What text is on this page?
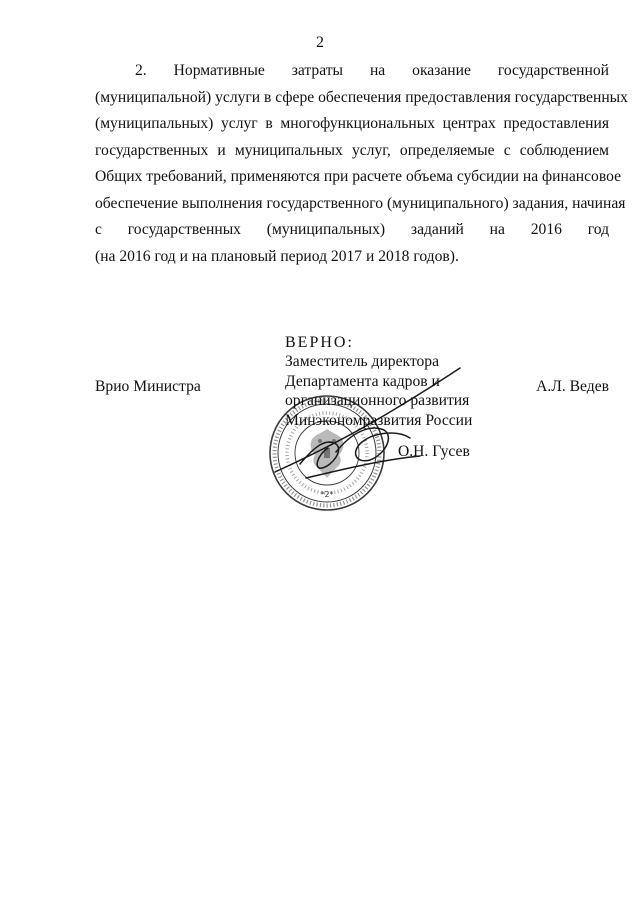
2
2. Нормативные затраты на оказание государственной
(муниципальной) услуги в сфере обеспечения предоставления государственных
(муниципальных) услуг в многофункциональных центрах предоставления
государственных и муниципальных услуг, определяемые с соблюдением
Общих требований, применяются при расчете объема субсидии на финансовое
обеспечение выполнения государственного (муниципального) задания, начиная
с государственных (муниципальных) заданий на 2016 год
(на 2016 год и на плановый период 2017 и 2018 годов).
*2*
ВЕРНО:
Заместитель директора
Департамента кадров и
организационного развития
Минэкономразвития России
Врио Министра	А.Л. Ведев
О.Н. Гусев
